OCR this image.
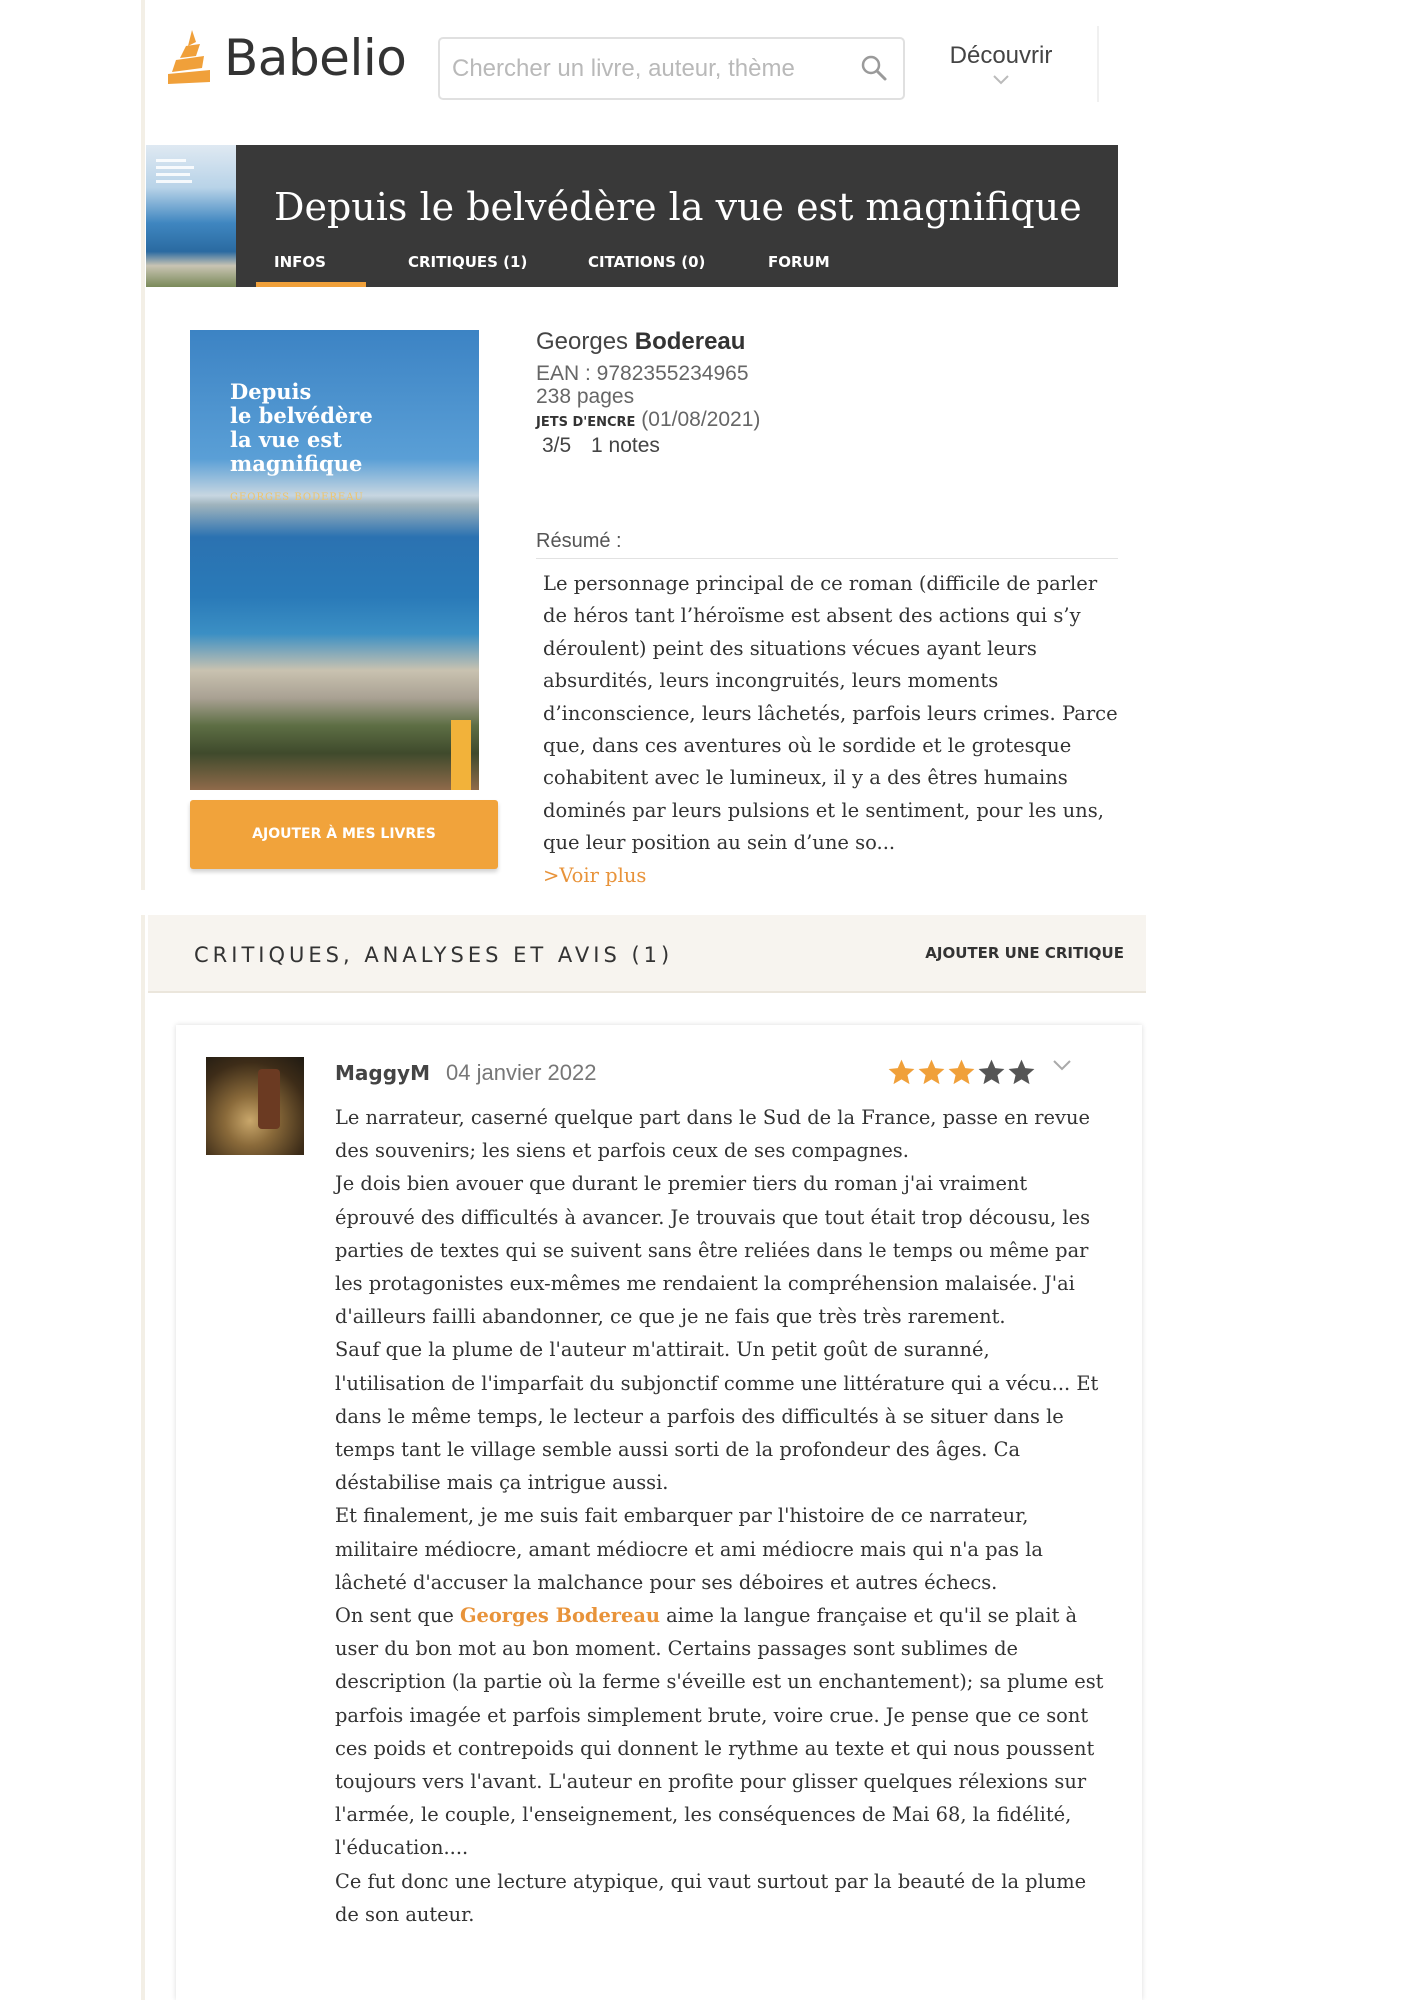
Babelio
Chercher un livre, auteur, thème	Découvrir
Depuis le belvédère la vue est magnifique
INFOS	CRITIQUES (1)	CITATIONS (0)	FORUM
Depuis
le belvédère
la vue est
magnifique
GEORGES BODEREAU
AJOUTER À MES LIVRES
Georges Bodereau
EAN : 9782355234965
238 pages
JETS D'ENCRE (01/08/2021)
3/5 1 notes
Résumé :
Le personnage principal de ce roman (difficile de parler de héros tant l’héroïsme est absent des actions qui s’y déroulent) peint des situations vécues ayant leurs absurdités, leurs incongruités, leurs moments d’inconscience, leurs lâchetés, parfois leurs crimes. Parce que, dans ces aventures où le sordide et le grotesque cohabitent avec le lumineux, il y a des êtres humains dominés par leurs pulsions et le sentiment, pour les uns, que leur position au sein d’une so...
>Voir plus
CRITIQUES, ANALYSES ET AVIS (1)	AJOUTER UNE CRITIQUE
MaggyM 04 janvier 2022
Le narrateur, caserné quelque part dans le Sud de la France, passe en revue des souvenirs; les siens et parfois ceux de ses compagnes.
Je dois bien avouer que durant le premier tiers du roman j'ai vraiment éprouvé des difficultés à avancer. Je trouvais que tout était trop décousu, les parties de textes qui se suivent sans être reliées dans le temps ou même par les protagonistes eux-mêmes me rendaient la compréhension malaisée. J'ai d'ailleurs failli abandonner, ce que je ne fais que très très rarement.
Sauf que la plume de l'auteur m'attirait. Un petit goût de suranné, l'utilisation de l'imparfait du subjonctif comme une littérature qui a vécu... Et dans le même temps, le lecteur a parfois des difficultés à se situer dans le temps tant le village semble aussi sorti de la profondeur des âges. Ca déstabilise mais ça intrigue aussi.
Et finalement, je me suis fait embarquer par l'histoire de ce narrateur, militaire médiocre, amant médiocre et ami médiocre mais qui n'a pas la lâcheté d'accuser la malchance pour ses déboires et autres échecs.
On sent que Georges Bodereau aime la langue française et qu'il se plait à user du bon mot au bon moment. Certains passages sont sublimes de description (la partie où la ferme s'éveille est un enchantement); sa plume est parfois imagée et parfois simplement brute, voire crue. Je pense que ce sont ces poids et contrepoids qui donnent le rythme au texte et qui nous poussent toujours vers l'avant. L'auteur en profite pour glisser quelques rélexions sur l'armée, le couple, l'enseignement, les conséquences de Mai 68, la fidélité, l'éducation....
Ce fut donc une lecture atypique, qui vaut surtout par la beauté de la plume de son auteur.
